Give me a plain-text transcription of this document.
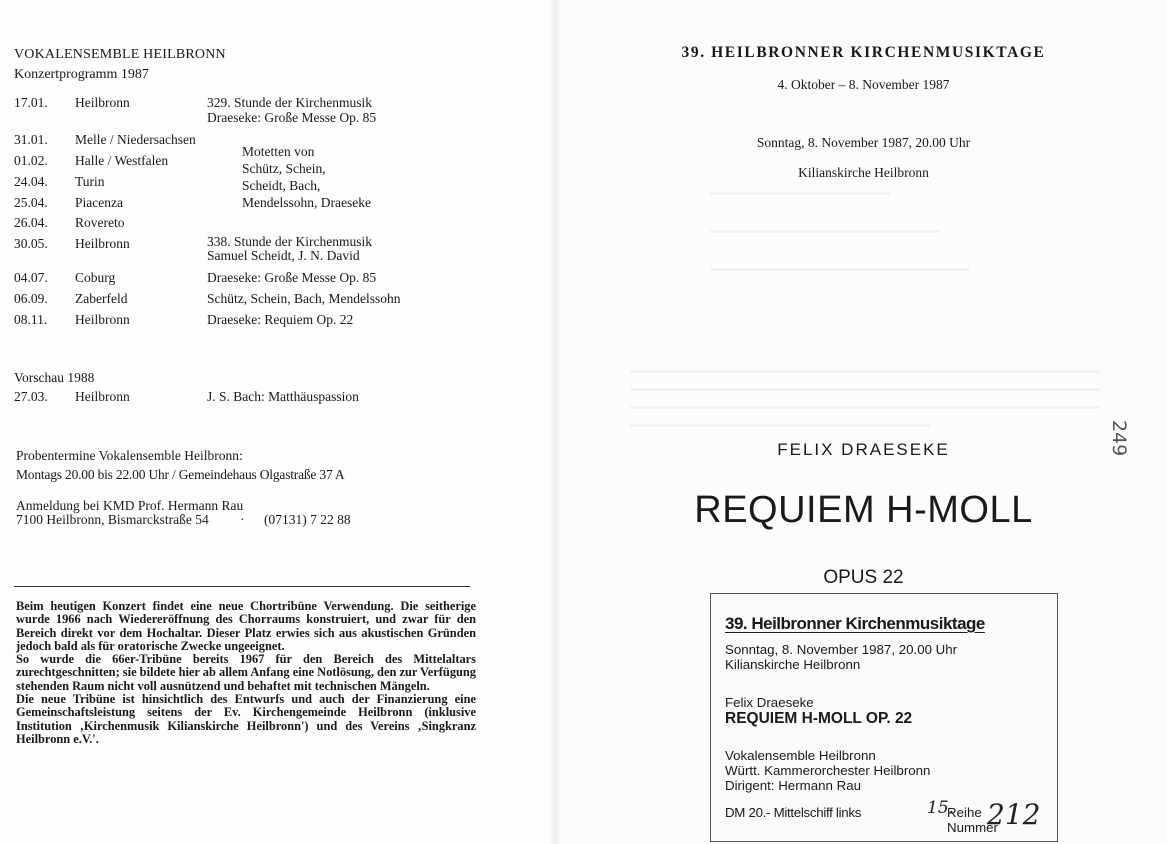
VOKALENSEMBLE HEILBRONN
Konzertprogramm 1987
17.01. Heilbronn
31.01. Melle / Niedersachsen
01.02. Halle / Westfalen
24.04. Turin
25.04. Piacenza
26.04. Rovereto
30.05. Heilbronn
04.07. Coburg
06.09. Zaberfeld
08.11. Heilbronn
329. Stunde der Kirchenmusik
Draeseke: Große Messe Op. 85
Motetten von
Schütz, Schein,
Scheidt, Bach,
Mendelssohn, Draeseke
338. Stunde der Kirchenmusik
Samuel Scheidt, J. N. David
Draeseke: Große Messe Op. 85
Schütz, Schein, Bach, Mendelssohn
Draeseke: Requiem Op. 22
Vorschau 1988
27.03. Heilbronn	J. S. Bach: Matthäuspassion
Probentermine Vokalensemble Heilbronn:
Montags 20.00 bis 22.00 Uhr / Gemeindehaus Olgastraße 37 A
Anmeldung bei KMD Prof. Hermann Rau
7100 Heilbronn, Bismarckstraße 54 · (07131) 7 22 88

Beim heutigen Konzert findet eine neue Chortribüne Verwendung. Die seitherige wurde 1966 nach Wiedereröffnung des Chorraums konstruiert, und zwar für den Bereich direkt vor dem Hochaltar. Dieser Platz erwies sich aus akustischen Gründen jedoch bald als für oratorische Zwecke ungeeignet.

So wurde die 66er-Tribüne bereits 1967 für den Bereich des Mittelaltars zurechtgeschnitten; sie bildete hier ab allem Anfang eine Notlösung, den zur Verfügung stehenden Raum nicht voll ausnützend und behaftet mit technischen Mängeln.

Die neue Tribüne ist hinsichtlich des Entwurfs und auch der Finanzierung eine Gemeinschaftsleistung seitens der Ev. Kirchengemeinde Heilbronn (inklusive Institution ‚Kirchenmusik Kilianskirche Heilbronn') und des Vereins ‚Singkranz Heilbronn e.V.'.

39. HEILBRONNER KIRCHENMUSIKTAGE
4. Oktober – 8. November 1987
Sonntag, 8. November 1987, 20.00 Uhr
Kilianskirche Heilbronn
FELIX DRAESEKE
REQUIEM H-MOLL
OPUS 22
39. Heilbronner Kirchenmusiktage
Sonntag, 8. November 1987, 20.00 Uhr
Kilianskirche Heilbronn
Felix Draeseke
REQUIEM H-MOLL OP. 22
Vokalensemble Heilbronn
Württ. Kammerorchester Heilbronn
Dirigent: Hermann Rau
DM 20.- Mittelschiff links	15.
Reihe
Nummer
212
249
